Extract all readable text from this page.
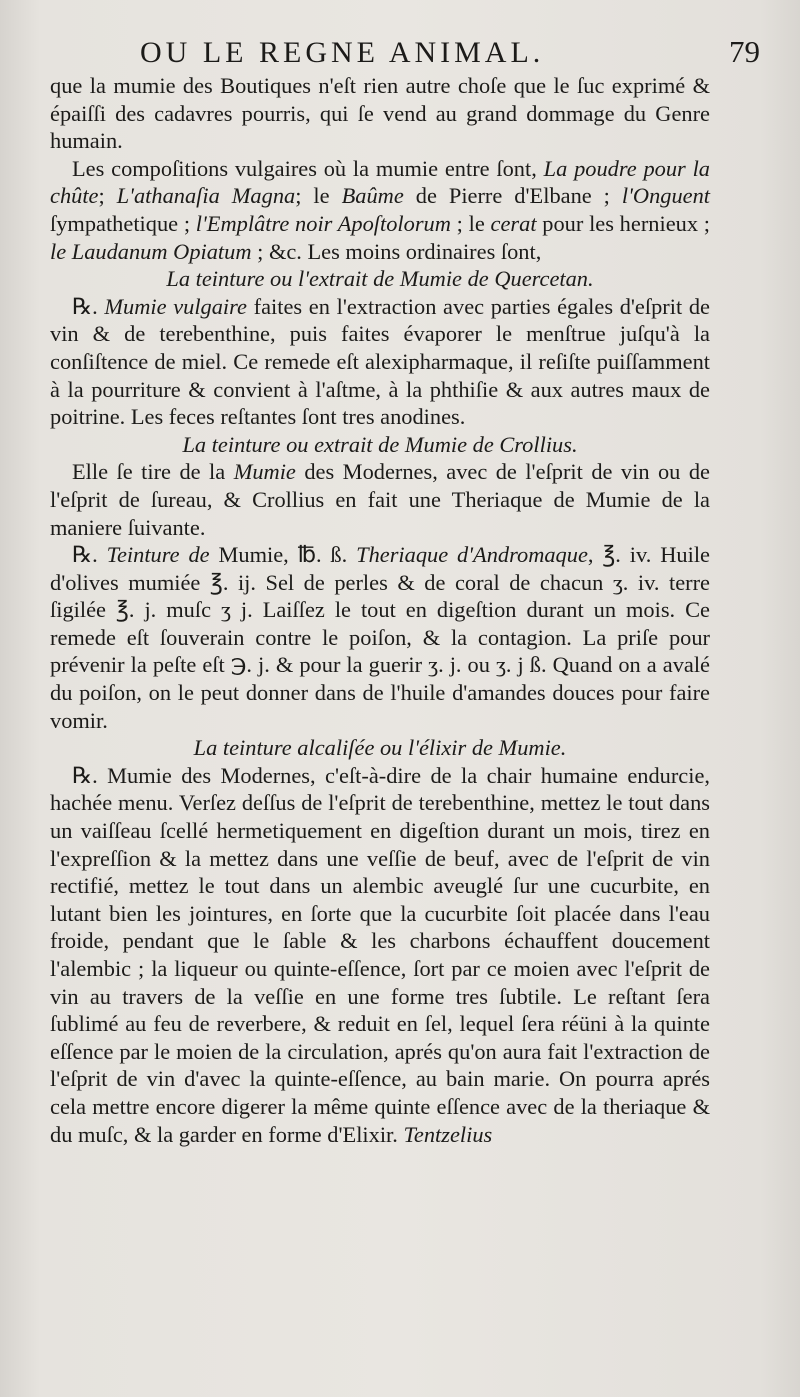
OU LE REGNE ANIMAL.	79

que la mumie des Boutiques n'eſt rien autre choſe que le ſuc exprimé & épaiſſi des cadavres pourris, qui ſe vend au grand dommage du Genre humain.

Les compoſitions vulgaires où la mumie entre ſont, La poudre pour la chûte; L'athanaſia Magna; le Baûme de Pierre d'Elbane ; l'Onguent ſympathetique ; l'Emplâtre noir Apoſtolorum ; le cerat pour les hernieux ; le Laudanum Opiatum ; &c. Les moins ordinaires ſont,

La teinture ou l'extrait de Mumie de Quercetan.

℞. Mumie vulgaire faites en l'extraction avec parties égales d'eſprit de vin & de terebenthine, puis faites évaporer le menſtrue juſqu'à la conſiſtence de miel. Ce remede eſt alexipharmaque, il reſiſte puiſſamment à la pourriture & convient à l'aſtme, à la phthiſie & aux autres maux de poitrine. Les feces reſtantes ſont tres anodines.

La teinture ou extrait de Mumie de Crollius.

Elle ſe tire de la Mumie des Modernes, avec de l'eſprit de vin ou de l'eſprit de ſureau, & Crollius en fait une Theriaque de Mumie de la maniere ſuivante.

℞. Teinture de Mumie, ℔. ß. Theriaque d'Andromaque, ℥. iv. Huile d'olives mumiée ℥. ij. Sel de perles & de coral de chacun ʒ. iv. terre ſigilée ℥. j. muſc ʒ j. Laiſſez le tout en digeſtion durant un mois. Ce remede eſt ſouverain contre le poiſon, & la contagion. La priſe pour prévenir la peſte eſt ℈. j. & pour la guerir ʒ. j. ou ʒ. j ß. Quand on a avalé du poiſon, on le peut donner dans de l'huile d'amandes douces pour faire vomir.

La teinture alcaliſée ou l'élixir de Mumie.

℞. Mumie des Modernes, c'eſt-à-dire de la chair humaine endurcie, hachée menu. Verſez deſſus de l'eſprit de terebenthine, mettez le tout dans un vaiſſeau ſcellé hermetiquement en digeſtion durant un mois, tirez en l'expreſſion & la mettez dans une veſſie de beuf, avec de l'eſprit de vin rectifié, mettez le tout dans un alembic aveuglé ſur une cucurbite, en lutant bien les jointures, en ſorte que la cucurbite ſoit placée dans l'eau froide, pendant que le ſable & les charbons échauffent doucement l'alembic ; la liqueur ou quinte-eſſence, ſort par ce moien avec l'eſprit de vin au travers de la veſſie en une forme tres ſubtile. Le reſtant ſera ſublimé au feu de reverbere, & reduit en ſel, lequel ſera réüni à la quinte eſſence par le moien de la circulation, aprés qu'on aura fait l'extraction de l'eſprit de vin d'avec la quinte-eſſence, au bain marie. On pourra aprés cela mettre encore digerer la même quinte eſſence avec de la theriaque & du muſc, & la garder en forme d'Elixir. Tentzelius
